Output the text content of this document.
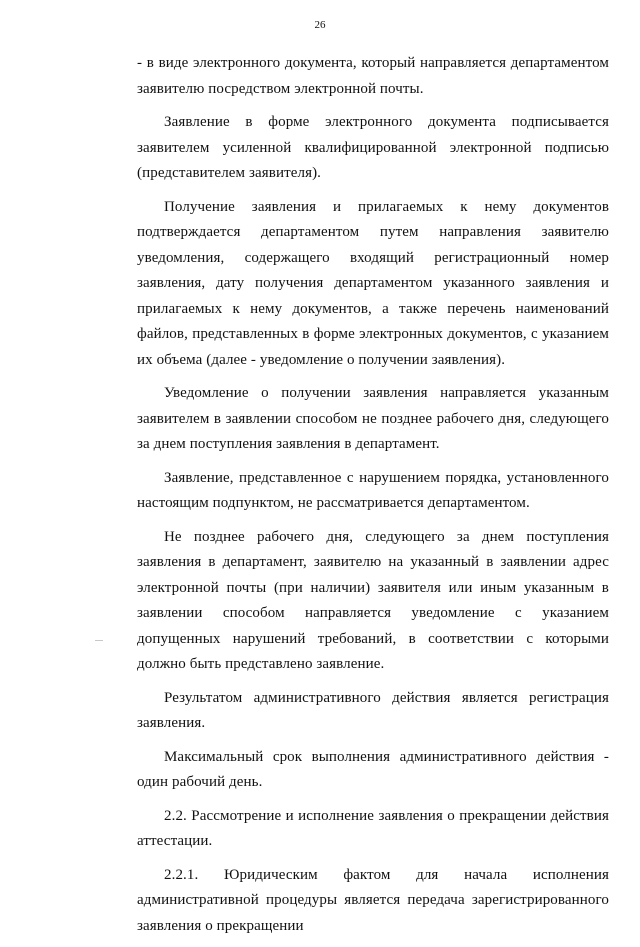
26

- в виде электронного документа, который направляется департаментом заявителю посредством электронной почты.

Заявление в форме электронного документа подписывается заявителем усиленной квалифицированной электронной подписью (представителем заявителя).

Получение заявления и прилагаемых к нему документов подтверждается департаментом путем направления заявителю уведомления, содержащего входящий регистрационный номер заявления, дату получения департаментом указанного заявления и прилагаемых к нему документов, а также перечень наименований файлов, представленных в форме электронных документов, с указанием их объема (далее - уведомление о получении заявления).

Уведомление о получении заявления направляется указанным заявителем в заявлении способом не позднее рабочего дня, следующего за днем поступления заявления в департамент.

Заявление, представленное с нарушением порядка, установленного настоящим подпунктом, не рассматривается департаментом.

Не позднее рабочего дня, следующего за днем поступления заявления в департамент, заявителю на указанный в заявлении адрес электронной почты (при наличии) заявителя или иным указанным в заявлении способом направляется уведомление с указанием допущенных нарушений требований, в соответствии с которыми должно быть представлено заявление.

Результатом административного действия является регистрация заявления.

Максимальный срок выполнения административного действия - один рабочий день.

2.2. Рассмотрение и исполнение заявления о прекращении действия аттестации.

2.2.1. Юридическим фактом для начала исполнения административной процедуры является передача зарегистрированного заявления о прекращении
